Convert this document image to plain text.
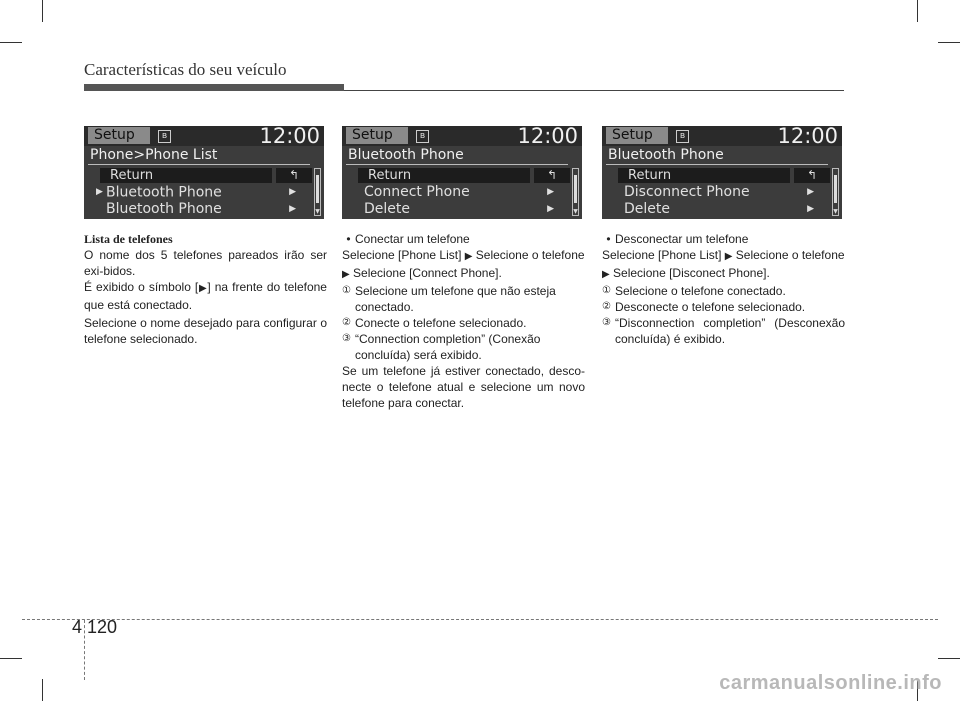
Características do seu veículo
Setup	ʙ	12:00
Phone>Phone List
Return	↰
▶ Bluetooth Phone	▶
Bluetooth Phone	▶	▼
Setup	ʙ	12:00
Bluetooth Phone
Return	↰
Connect Phone	▶
Delete	▶	▼
Setup	ʙ	12:00
Bluetooth Phone
Return	↰
Disconnect Phone	▶
Delete	▶	▼

Lista de telefones

O nome dos 5 telefones pareados irão ser exi-bidos.

É exibido o símbolo [▶] na frente do telefone que está conectado.

Selecione o nome desejado para configurar o telefone selecionado.

• Conectar um telefone

Selecione [Phone List] ▶ Selecione o telefone
▶ Selecione [Connect Phone].

① Selecione um telefone que não esteja conectado.
② Conecte o telefone selecionado.
③ “Connection completion” (Conexão concluída) será exibido.

Se um telefone já estiver conectado, desco-necte o telefone atual e selecione um novo telefone para conectar.

• Desconectar um telefone

Selecione [Phone List] ▶ Selecione o telefone
▶ Selecione [Disconect Phone].

① Selecione o telefone conectado.
② Desconecte o telefone selecionado.
③ “Disconnection completion” (Desconexão concluída) é exibido.
4 120
carmanualsonline.info
